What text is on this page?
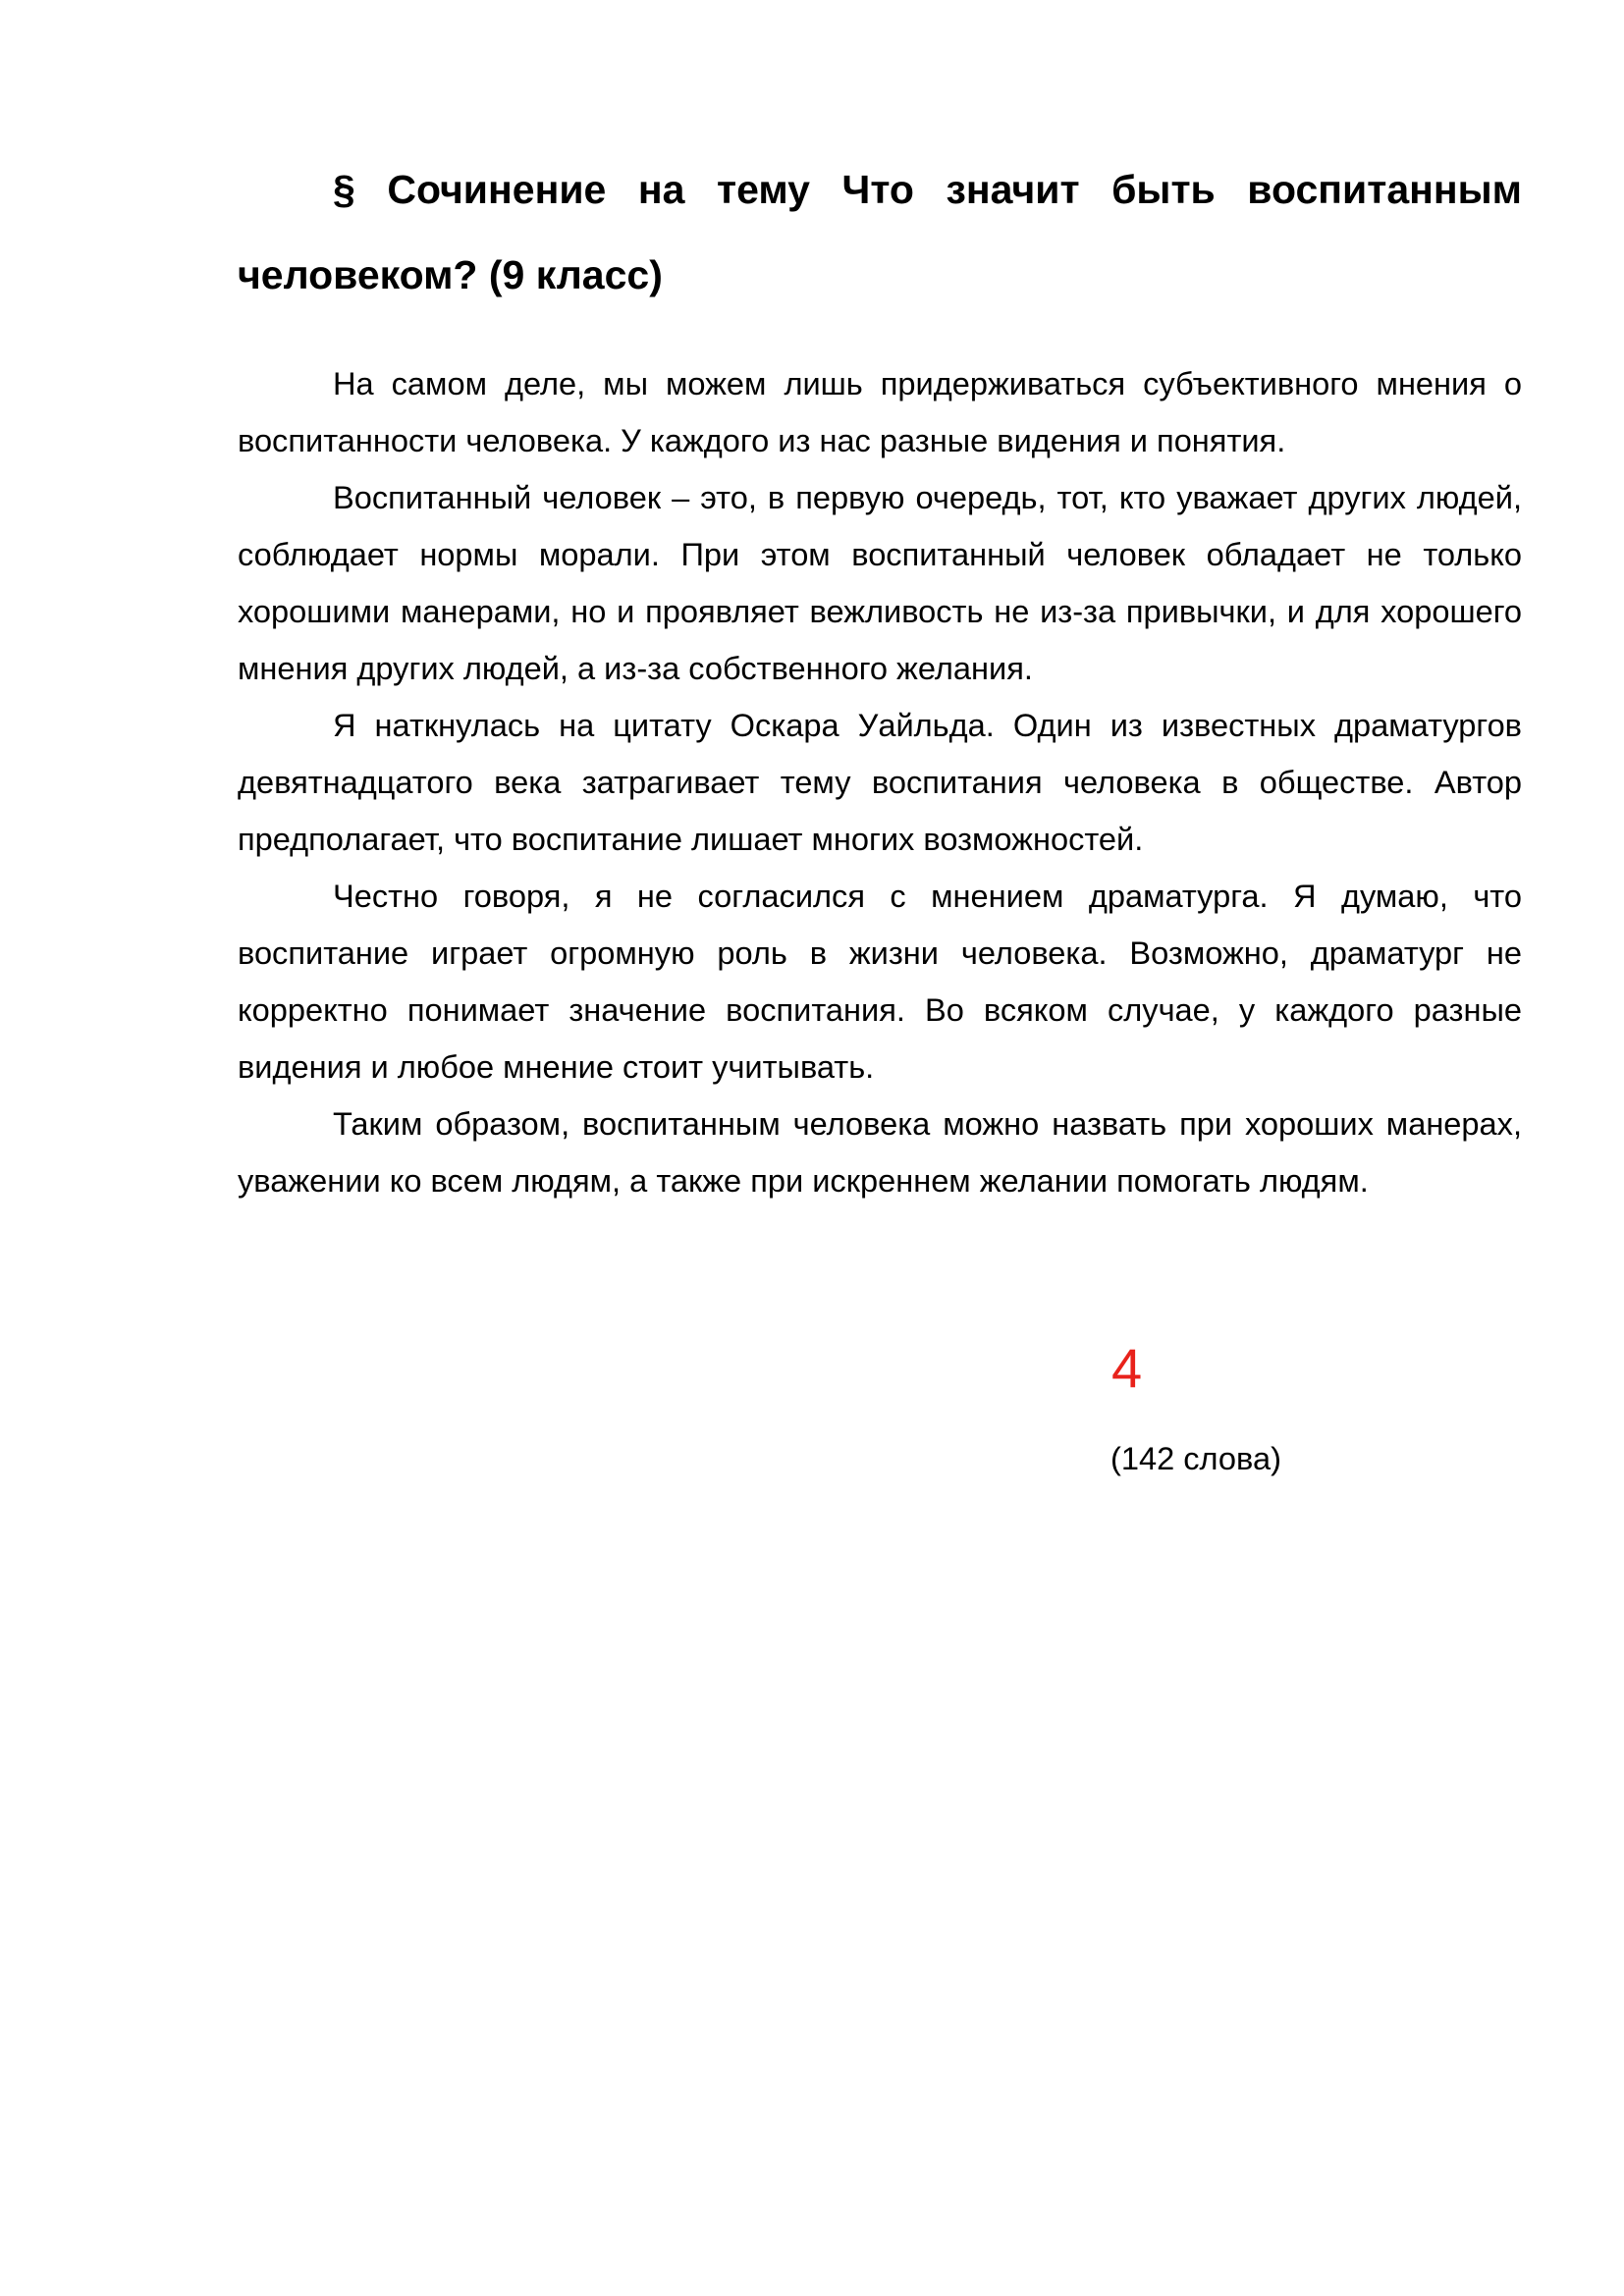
§ Сочинение на тему Что значит быть воспитанным человеком? (9 класс)

На самом деле, мы можем лишь придерживаться субъективного мнения о воспитанности человека. У каждого из нас разные видения и понятия.

Воспитанный человек – это, в первую очередь, тот, кто уважает других людей, соблюдает нормы морали. При этом воспитанный человек обладает не только хорошими манерами, но и проявляет вежливость не из-за привычки, и для хорошего мнения других людей, а из-за собственного желания.

Я наткнулась на цитату Оскара Уайльда. Один из известных драматургов девятнадцатого века затрагивает тему воспитания человека в обществе. Автор предполагает, что воспитание лишает многих возможностей.

Честно говоря, я не согласился с мнением драматурга. Я думаю, что воспитание играет огромную роль в жизни человека. Возможно, драматург не корректно понимает значение воспитания. Во всяком случае, у каждого разные видения и любое мнение стоит учитывать.

Таким образом, воспитанным человека можно назвать при хороших манерах, уважении ко всем людям, а также при искреннем желании помогать людям.

4
(142 слова)
